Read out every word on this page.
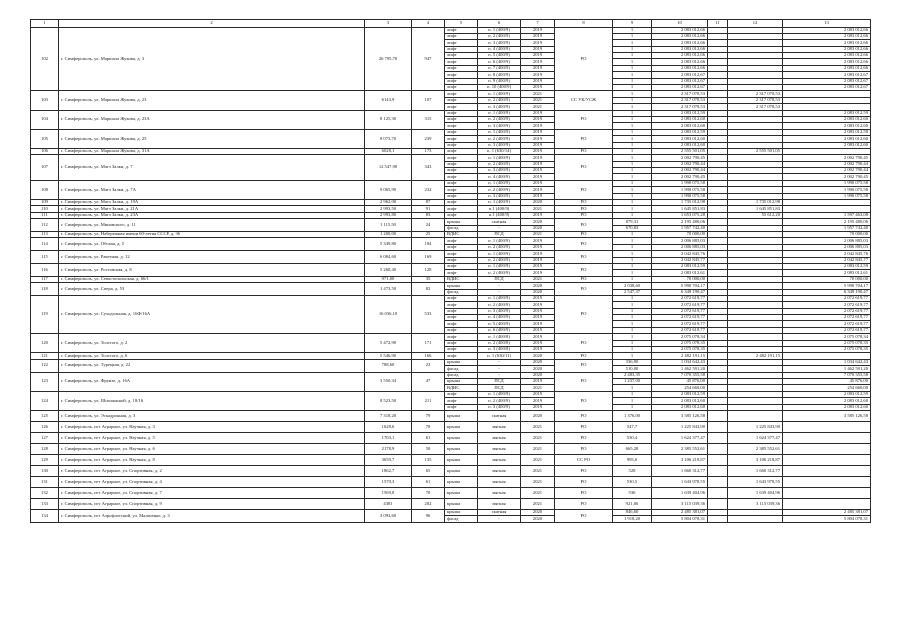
1	2	3	4	5	6	7	8	9	10	11	12	13
102	г. Симферополь, ул. Маршала Жукова, д. 3	26 795,70	947	лифт	п. 1 (400/9)	2019	РО	1	2 083 012,66			2 083 012,66
				лифт	п. 2 (400/9)	2019		1	2 083 012,66			2 083 012,66
				лифт	п. 3 (400/9)	2019		1	2 083 012,66			2 083 012,66
				лифт	п. 4 (400/9)	2019		1	2 083 012,66			2 083 012,66
				лифт	п. 5 (400/9)	2019		1	2 083 012,66			2 083 012,66
				лифт	п. 6 (400/9)	2019		1	2 083 012,66			2 083 012,66
				лифт	п. 7 (400/9)	2019		1	2 083 012,66			2 083 012,66
				лифт	п. 8 (400/9)	2019		1	2 083 012,67			2 083 012,67
				лифт	п. 9 (400/9)	2019		1	2 083 012,67			2 083 012,67
				лифт	п. 10 (400/9)	2019		1	2 083 012,67			2 083 012,67
103	г. Симферополь, ул. Маршала Жукова, д. 23	6143,9	107	лифт	п. 1 (400/9)	2021	СС УК/УСЖ	1	2 317 078,53		2 317 078,53	
				лифт	п. 2 (400/9)	2021		1	2 317 078,53		2 317 078,53	
				лифт	п. 3 (400/9)	2021		1	2 317 078,53		2 317 078,53	
104	г. Симферополь, ул. Маршала Жукова, д. 23А	8 125,30	315	лифт	п. 1 (400/9)	2019	РО	1	2 083 012,59			2 083 012,59
				лифт	п. 2 (400/9)	2019		1	2 083 012,60			2 083 012,60
				лифт	п. 3 (400/9)	2019		1	2 083 012,60			2 083 012,60
105	г. Симферополь, ул. Маршала Жукова, д. 25	8 073,70	239	лифт	п. 1 (400/9)	2019	РО	1	2 083 012,59			2 083 012,59
				лифт	п. 2 (400/9)	2019		1	2 083 012,60			2 083 012,60
				лифт	п. 3 (400/9)	2019		1	2 083 012,60			2 083 012,60
106	г. Симферополь, ул. Маршала Жукова, д. 31А	6028,1	173	лифт	п. 1 (630/14)	2019	РО	1	2 555 501,05		2 555 501,05	
107	г. Симферополь, ул. Матэ Залки, д. 7	12 547,90	343	лифт	п. 1 (400/9)	2019	РО	1	2 002 790,45			2 002 790,45
				лифт	п. 2 (400/9)	2019		1	2 002 790,44			2 002 790,44
				лифт	п. 3 (400/9)	2019		1	2 002 790,44			2 002 790,44
				лифт	п. 4 (400/9)	2019		1	2 002 790,45			2 002 790,45
108	г. Симферополь, ул. Матэ Залки, д. 7А	9 065,90	232	лифт	п. 1 (400/9)	2019	РО	1	1 990 075,58			1 990 075,58
				лифт	п. 2 (400/9)	2019		1	1 990 075,58			1 990 075,58
				лифт	п. 3 (400/9)	2019		1	1 990 075,58			1 990 075,58
109	г. Симферополь, ул. Матэ Залки, д. 19А	2 962,00	87	лифт	п. 1 (400/9)	2020	РО	1	1 735 012,98		1 735 012,98	
110	г. Симферополь, ул. Матэ Залки, д. 21А	2 993,50	91	лифт	п.1 (400/9)	2021	РО	1	1 645 851,83		1 645 851,83	
111	г. Симферополь, ул. Матэ Залки, д. 23А	2 993,80	83	лифт	п.1 (400/9)	2019	РО	1	1 653 075,28		55 612,20	1 597 463,08
112	г. Симферополь, ул. Миновского, д. 11	1 115,50	24	крыша	скатная	2020	РО	879,31	2 195 480,06			2 195 480,06
				фасад	-	2020		670,83	1 957 742,40			1 957 742,40
113	г. Симферополь, ул. Набережная имени 60-летия СССР, д. 36	1 200,00	25	ВДИС	ПСД	2021	РО	1	70 000,00			70 000,00
114	г. Симферополь, ул. Обская, д. 5	5 349,80	184	лифт	п. 1 (400/9)	2019	РО	1	2 006 885,03			2 006 885,03
				лифт	п. 2 (400/9)	2019		1	2 006 885,03			2 006 885,03
115	г. Симферополь, ул. Ракетная, д. 12	6 084,60	169	лифт	п. 1 (400/9)	2019	РО	1	2 042 845,76			2 042 845,76
				лифт	п. 2 (400/9)	2019		1	2 042 845,77			2 042 845,77
116	г. Симферополь, ул. Ростовская, д. 8	5 260,40	128	лифт	п. 1 (400/9)	2019	РО	1	2 083 012,59			2 083 012,59
				лифт	п. 2 (400/9)	2019		1	2 083 012,61			2 083 012,61
117	г. Симферополь, ул. Севастопольская, д. 66/1	971,00	35	ВДИС	ПСД	2021	РО	1	70 000,00			70 000,00
118	г. Симферополь, ул. Спера, д. 53	1 473,50	82	крыша	-	2020	РО	2 038,60	5 990 704,17			5 990 704,17
				фасад	-	2020		2 547,37	6 349 190,47			6 349 190,47
119	г. Симферополь, ул. Суходольная, д. 16Ф/16А	16 036,10	533	лифт	п. 1 (400/9)	2019	РО	1	2 072 619,77			2 072 619,77
				лифт	п. 2 (400/9)	2019		1	2 072 619,77			2 072 619,77
				лифт	п. 3 (400/9)	2019		1	2 072 619,77			2 072 619,77
				лифт	п. 4 (400/9)	2019		1	2 072 619,77			2 072 619,77
				лифт	п. 5 (400/9)	2019		1	2 072 619,77			2 072 619,77
				лифт	п. 6 (400/9)	2019		1	2 072 619,77			2 072 619,77
120	г. Симферополь, ул. Толстого, д. 2	5 472,90	171	лифт	п. 1 (400/8)	2019	РО	1	2 075 078,34			2 075 078,34
				лифт	п. 2 (400/8)	2019		1	2 075 078,35			2 075 078,35
				лифт	п. 3 (400/8)	2019		1	2 075 078,35			2 075 078,35
121	г. Симферополь, ул. Толстого, д. 6	5 546,90	166	лифт	п. 1 (630/11)	2020	РО	1	2 482 191,15		2 482 191,15	
122	г. Симферополь, ул. Турецкая, д. 22	788,60	23	крыша	-	2020	РО	336,90	1 034 642,43			1 034 642,43
				фасад	-	2020		510,00	1 462 591,20			1 462 591,20
123	г. Симферополь, ул. Фрунзе, д. 16А	3 550,34	47	фасад	-	2020	РО	2 483,35	7 070 355,58			7 070 355,58
				крыша	ПСД	2019		1 237,00	45 876,00			45 876,00
				ВДИС	ПСД	2021		1	254 660,00			254 660,00
124	г. Симферополь, ул. Шполянской, д. 18/16	8 523,50	211	лифт	п. 1 (400/9)	2019	РО	1	2 083 012,59			2 083 012,59
				лифт	п. 2 (400/9)	2019		1	2 083 012,60			2 083 012,60
				лифт	п. 3 (400/9)	2019		1	2 083 012,60			2 083 012,60
125	г. Симферополь, ул. Эскадронная, д. 3	7 318,20	79	крыша	скатная	2020	РО	1 376,00	3 585 126,58			3 585 126,58
126	г. Симферополь, пгт Аграрное, ул. Научная, д. 3	1628,6	78	крыша	мягкая	2021	РО	547,7	1 225 843,90		1 225 843,90	
127	г. Симферополь, пгт Аграрное, ул. Научная, д. 5	1703,1	61	крыша	мягкая	2021	РО	530,4	1 624 377,47		1 624 377,47	
128	г. Симферополь, пгт Аграрное, ул. Научная, д. 6	2178,9	50	крыша	мягкая	2021	РО	665,28	2 385 552,61		2 385 552,61	
129	г. Симферополь, пгт Аграрное, ул. Научная, д. 8	3659,7	135	крыша	мягкая	2021	СС РО	995,6	3 106 218,87		3 106 218,87	
130	г. Симферополь, пгт Аграрное, ул. Спортивная, д. 2	1862,7	65	крыша	мягкая	2021	РО	528	1 660 312,77		1 660 312,77	
131	г. Симферополь, пгт Аграрное, ул. Спортивная, д. 4	1570,3	61	крыша	мягкая	2021	РО	530,5	1 643 978,55		1 643 978,55	
132	г. Симферополь, пгт Аграрное, ул. Спортивная, д. 7	1569,8	70	крыша	мягкая	2021	РО	536	1 639 404,96		1 639 404,96	
133	г. Симферополь, пгт Аграрное, ул. Спортивная, д. 9	4381	202	крыша	мягкая	2021	РО	921,06	3 115 039,36		3 115 039,36	
134	г. Симферополь, пгт Аэрофлотский, ул. Мальченко, д. 3	3 093,60	96	крыша	скатная	2020	РО	846,60	2 485 381,07			2 485 381,07
				фасад	-	2020		1 918,20	5 804 078,31			5 804 078,31
